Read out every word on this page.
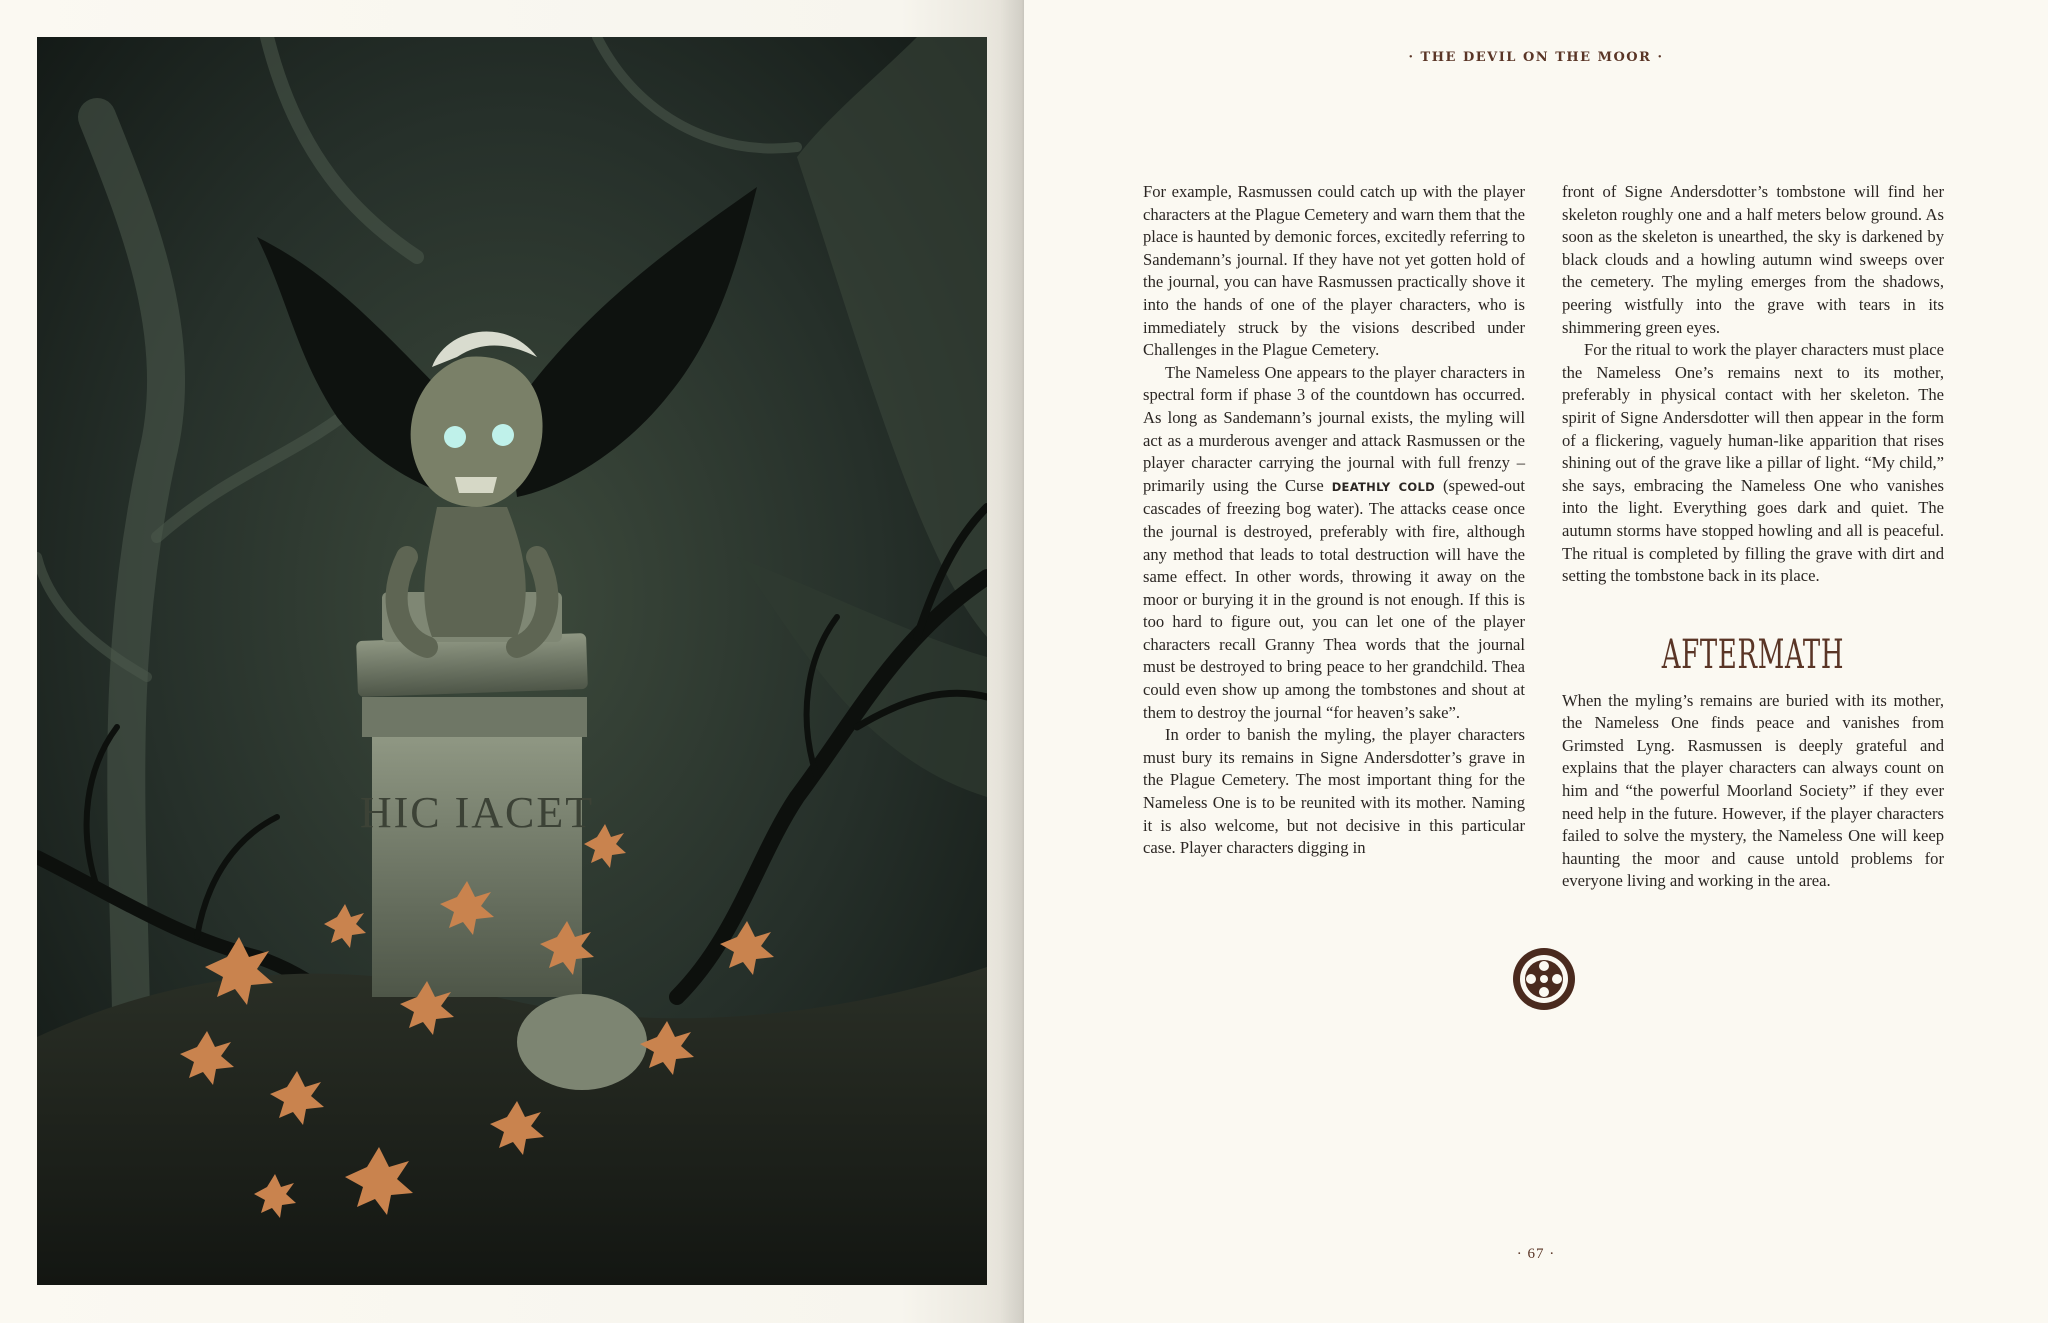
HIC IACET
· THE DEVIL ON THE MOOR ·

For example, Rasmussen could catch up with the player characters at the Plague Cemetery and warn them that the place is haunted by demonic forces, excitedly referring to Sandemann’s journal. If they have not yet gotten hold of the journal, you can have Rasmussen practically shove it into the hands of one of the player characters, who is immediately struck by the visions described under Challenges in the Plague Cemetery.

The Nameless One appears to the player characters in spectral form if phase 3 of the countdown has occurred. As long as Sandemann’s journal exists, the myling will act as a murderous avenger and attack Rasmussen or the player character carrying the journal with full frenzy – primarily using the Curse DEATHLY COLD (spewed-out cascades of freezing bog water). The attacks cease once the journal is destroyed, preferably with fire, although any method that leads to total destruction will have the same effect. In other words, throwing it away on the moor or burying it in the ground is not enough. If this is too hard to figure out, you can let one of the player characters recall Granny Thea words that the journal must be destroyed to bring peace to her grandchild. Thea could even show up among the tombstones and shout at them to destroy the journal “for heaven’s sake”.

In order to banish the myling, the player characters must bury its remains in Signe Andersdotter’s grave in the Plague Cemetery. The most important thing for the Nameless One is to be reunited with its mother. Naming it is also welcome, but not decisive in this particular case. Player characters digging in

front of Signe Andersdotter’s tombstone will find her skeleton roughly one and a half meters below ground. As soon as the skeleton is unearthed, the sky is darkened by black clouds and a howling autumn wind sweeps over the cemetery. The myling emerges from the shadows, peering wistfully into the grave with tears in its shimmering green eyes.

For the ritual to work the player characters must place the Nameless One’s remains next to its mother, preferably in physical contact with her skeleton. The spirit of Signe Andersdotter will then appear in the form of a flickering, vaguely human-like apparition that rises shining out of the grave like a pillar of light. “My child,” she says, embracing the Nameless One who vanishes into the light. Everything goes dark and quiet. The autumn storms have stopped howling and all is peaceful. The ritual is completed by filling the grave with dirt and setting the tombstone back in its place.

AFTERMATH

When the myling’s remains are buried with its mother, the Nameless One finds peace and vanishes from Grimsted Lyng. Rasmussen is deeply grateful and explains that the player characters can always count on him and “the powerful Moorland Society” if they ever need help in the future. However, if the player characters failed to solve the mystery, the Nameless One will keep haunting the moor and cause untold problems for everyone living and working in the area.

· 67 ·
